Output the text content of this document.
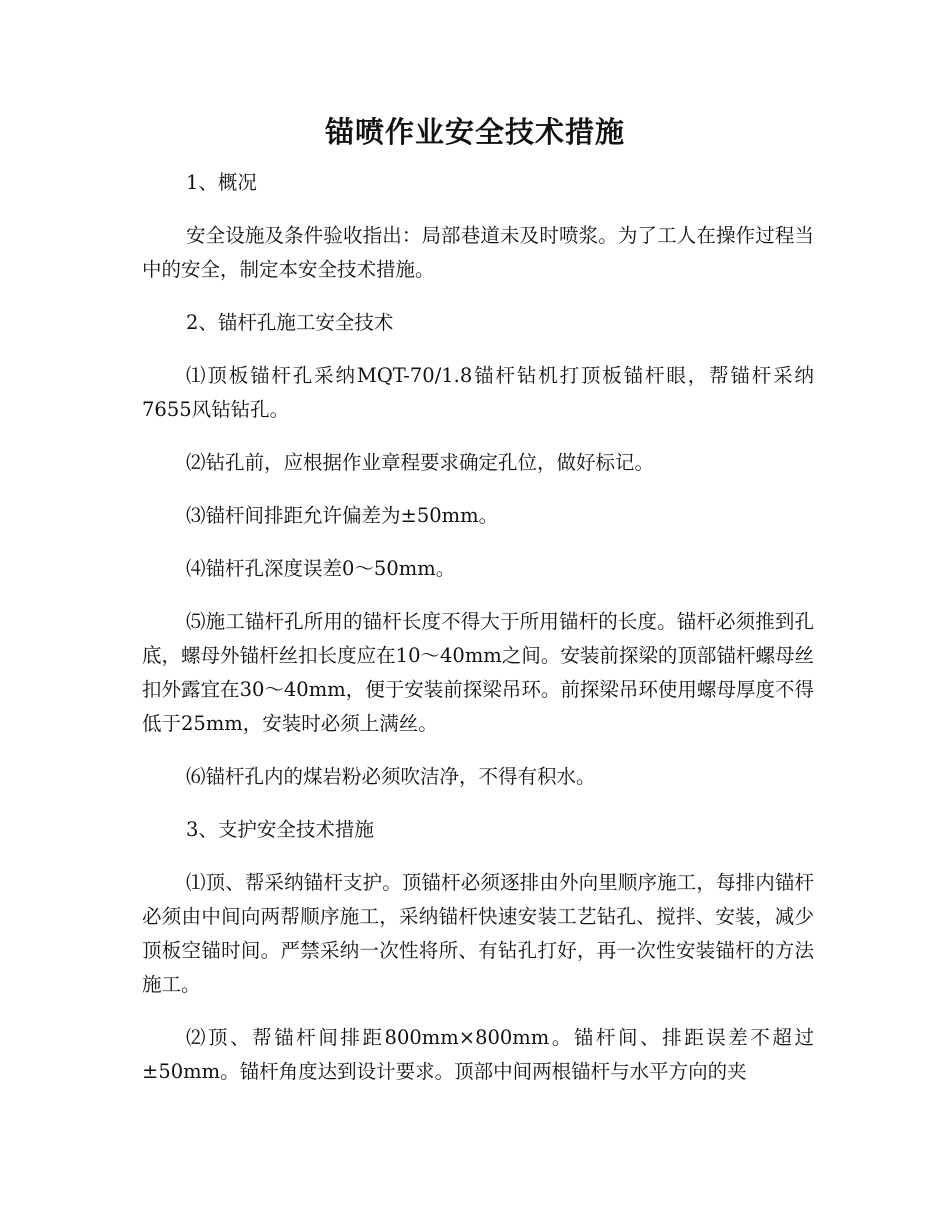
锚喷作业安全技术措施

1、概况

安全设施及条件验收指出：局部巷道未及时喷浆。为了工人在操作过程当中的安全，制定本安全技术措施。

2、锚杆孔施工安全技术

⑴顶板锚杆孔采纳MQT-70/1.8锚杆钻机打顶板锚杆眼，帮锚杆采纳7655风钻钻孔。

⑵钻孔前，应根据作业章程要求确定孔位，做好标记。

⑶锚杆间排距允许偏差为±50mm。

⑷锚杆孔深度误差0～50mm。

⑸施工锚杆孔所用的锚杆长度不得大于所用锚杆的长度。锚杆必须推到孔底，螺母外锚杆丝扣长度应在10～40mm之间。安装前探梁的顶部锚杆螺母丝扣外露宜在30～40mm，便于安装前探梁吊环。前探梁吊环使用螺母厚度不得低于25mm，安装时必须上满丝。

⑹锚杆孔内的煤岩粉必须吹洁净，不得有积水。

3、支护安全技术措施

⑴顶、帮采纳锚杆支护。顶锚杆必须逐排由外向里顺序施工，每排内锚杆必须由中间向两帮顺序施工，采纳锚杆快速安装工艺钻孔、搅拌、安装，减少顶板空锚时间。严禁采纳一次性将所、有钻孔打好，再一次性安装锚杆的方法施工。

⑵顶、帮锚杆间排距800mm×800mm。锚杆间、排距误差不超过±50mm。锚杆角度达到设计要求。顶部中间两根锚杆与水平方向的夹
